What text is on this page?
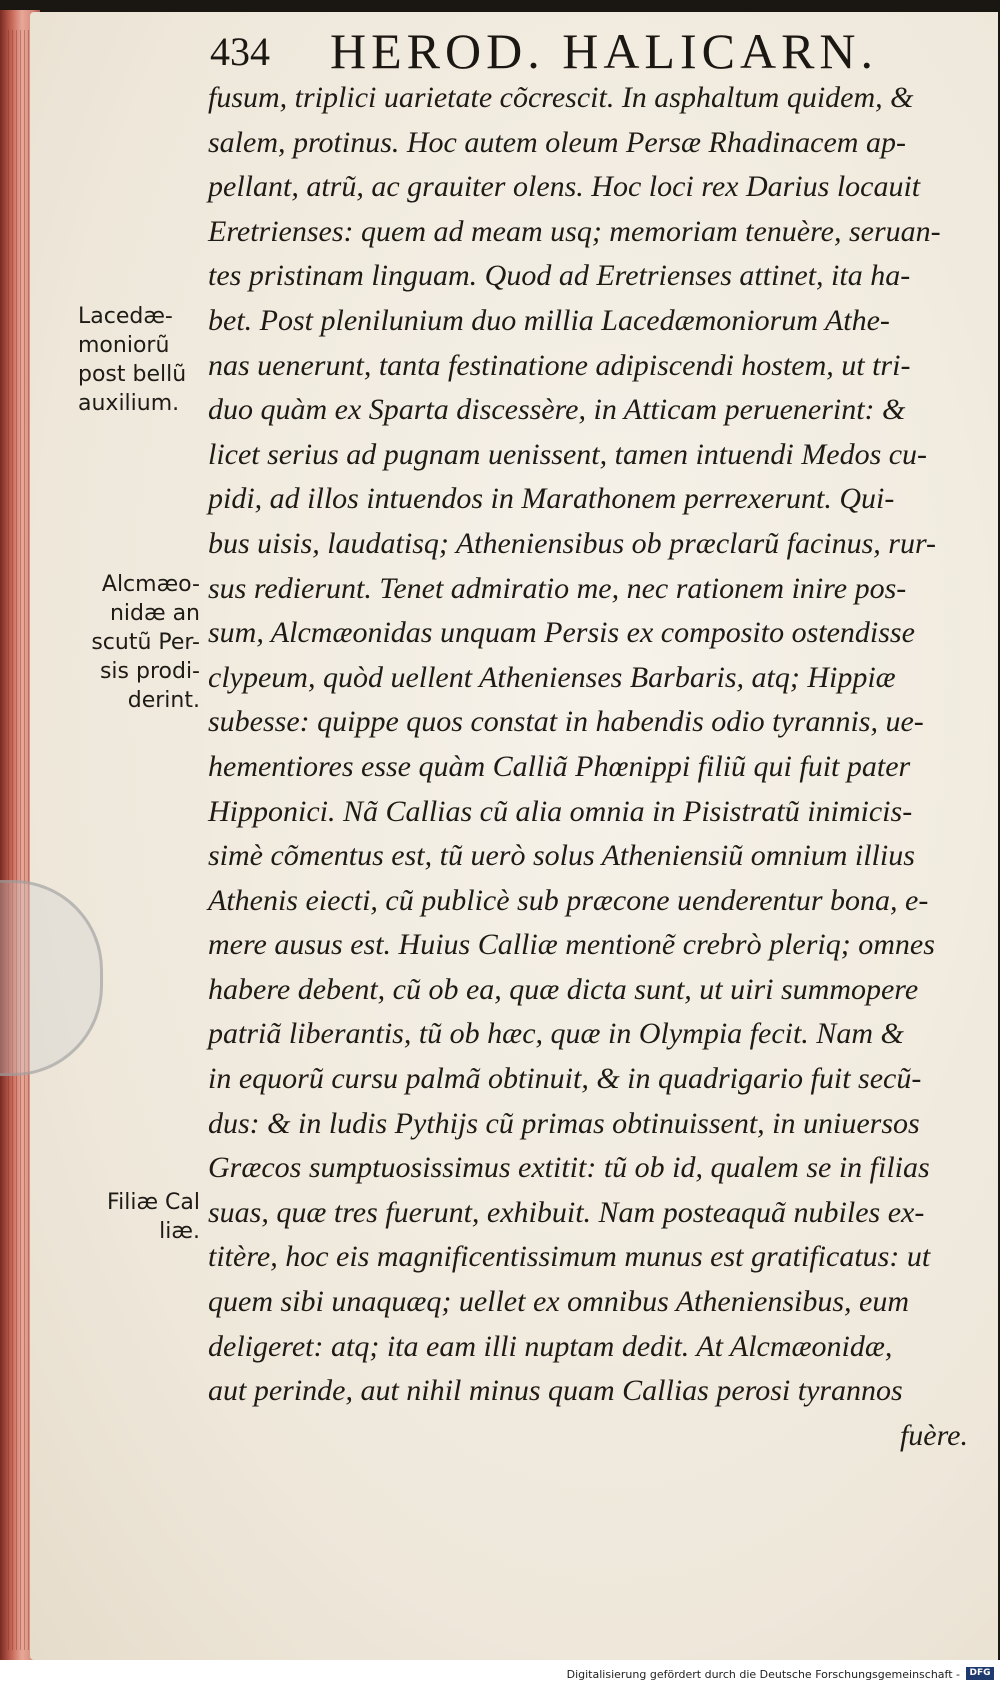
434 HEROD. HALICARN.
Lacedæ-
moniorũ
post bellũ
auxilium.
Alcmæo-
nidæ an
scutũ Per-
sis prodi-
derint.
Filiæ Cal
liæ.
fusum, triplici uarietate cõcrescit. In asphaltum quidem, &
salem, protinus. Hoc autem oleum Persæ Rhadinacem ap-
pellant, atrũ, ac grauiter olens. Hoc loci rex Darius locauit
Eretrienses: quem ad meam usq; memoriam tenuère, seruan-
tes pristinam linguam. Quod ad Eretrienses attinet, ita ha-
bet. Post plenilunium duo millia Lacedæmoniorum Athe-
nas uenerunt, tanta festinatione adipiscendi hostem, ut tri-
duo quàm ex Sparta discessère, in Atticam peruenerint: &
licet serius ad pugnam uenissent, tamen intuendi Medos cu-
pidi, ad illos intuendos in Marathonem perrexerunt. Qui-
bus uisis, laudatisq; Atheniensibus ob præclarũ facinus, rur-
sus redierunt. Tenet admiratio me, nec rationem inire pos-
sum, Alcmæonidas unquam Persis ex composito ostendisse
clypeum, quòd uellent Athenienses Barbaris, atq; Hippiæ
subesse: quippe quos constat in habendis odio tyrannis, ue-
hementiores esse quàm Calliã Phœnippi filiũ qui fuit pater
Hipponici. Nã Callias cũ alia omnia in Pisistratũ inimicis-
simè cõmentus est, tũ uerò solus Atheniensiũ omnium illius
Athenis eiecti, cũ publicè sub præcone uenderentur bona, e-
mere ausus est. Huius Calliæ mentionẽ crebrò pleriq; omnes
habere debent, cũ ob ea, quæ dicta sunt, ut uiri summopere
patriã liberantis, tũ ob hæc, quæ in Olympia fecit. Nam &
in equorũ cursu palmã obtinuit, & in quadrigario fuit secũ-
dus: & in ludis Pythijs cũ primas obtinuissent, in uniuersos
Græcos sumptuosissimus extitit: tũ ob id, qualem se in filias
suas, quæ tres fuerunt, exhibuit. Nam posteaquã nubiles ex-
titère, hoc eis magnificentissimum munus est gratificatus: ut
quem sibi unaquæq; uellet ex omnibus Atheniensibus, eum
deligeret: atq; ita eam illi nuptam dedit. At Alcmæonidæ,
aut perinde, aut nihil minus quam Callias perosi tyrannos
fuère.
Digitalisierung gefördert durch die Deutsche Forschungsgemeinschaft -	DFG
